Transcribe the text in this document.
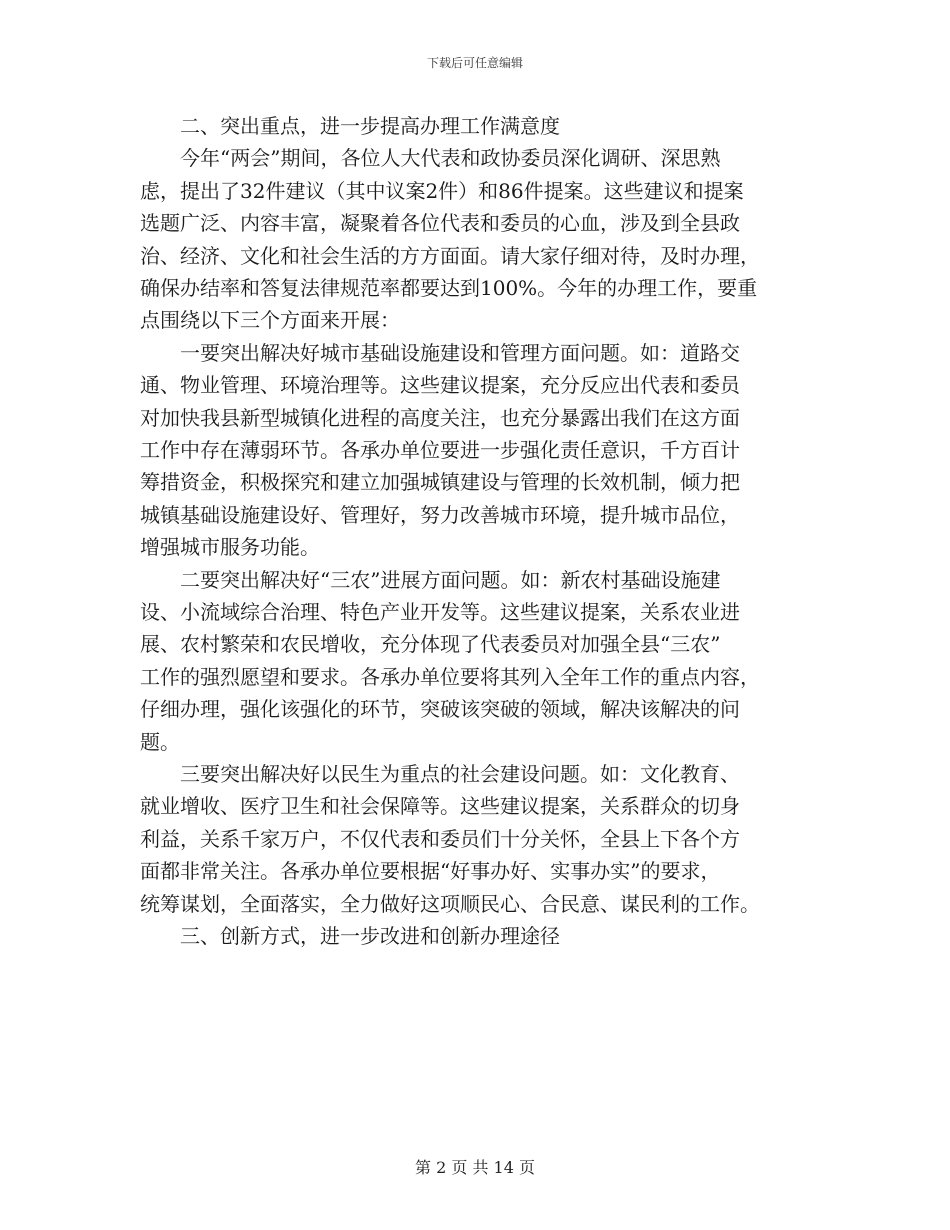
下载后可任意编辑
　　二、突出重点，进一步提高办理工作满意度
　　今年“两会”期间，各位人大代表和政协委员深化调研、深思熟
虑，提出了32件建议（其中议案2件）和86件提案。这些建议和提案
选题广泛、内容丰富，凝聚着各位代表和委员的心血，涉及到全县政
治、经济、文化和社会生活的方方面面。请大家仔细对待，及时办理，
确保办结率和答复法律规范率都要达到100%。今年的办理工作，要重
点围绕以下三个方面来开展：
　　一要突出解决好城市基础设施建设和管理方面问题。如：道路交
通、物业管理、环境治理等。这些建议提案，充分反应出代表和委员
对加快我县新型城镇化进程的高度关注，也充分暴露出我们在这方面
工作中存在薄弱环节。各承办单位要进一步强化责任意识，千方百计
筹措资金，积极探究和建立加强城镇建设与管理的长效机制，倾力把
城镇基础设施建设好、管理好，努力改善城市环境，提升城市品位，
增强城市服务功能。
　　二要突出解决好“三农”进展方面问题。如：新农村基础设施建
设、小流域综合治理、特色产业开发等。这些建议提案，关系农业进
展、农村繁荣和农民增收，充分体现了代表委员对加强全县“三农”
工作的强烈愿望和要求。各承办单位要将其列入全年工作的重点内容，
仔细办理，强化该强化的环节，突破该突破的领域，解决该解决的问
题。
　　三要突出解决好以民生为重点的社会建设问题。如：文化教育、
就业增收、医疗卫生和社会保障等。这些建议提案，关系群众的切身
利益，关系千家万户，不仅代表和委员们十分关怀，全县上下各个方
面都非常关注。各承办单位要根据“好事办好、实事办实”的要求，
统筹谋划，全面落实，全力做好这项顺民心、合民意、谋民利的工作。
　　三、创新方式，进一步改进和创新办理途径
第 2 页 共 14 页
